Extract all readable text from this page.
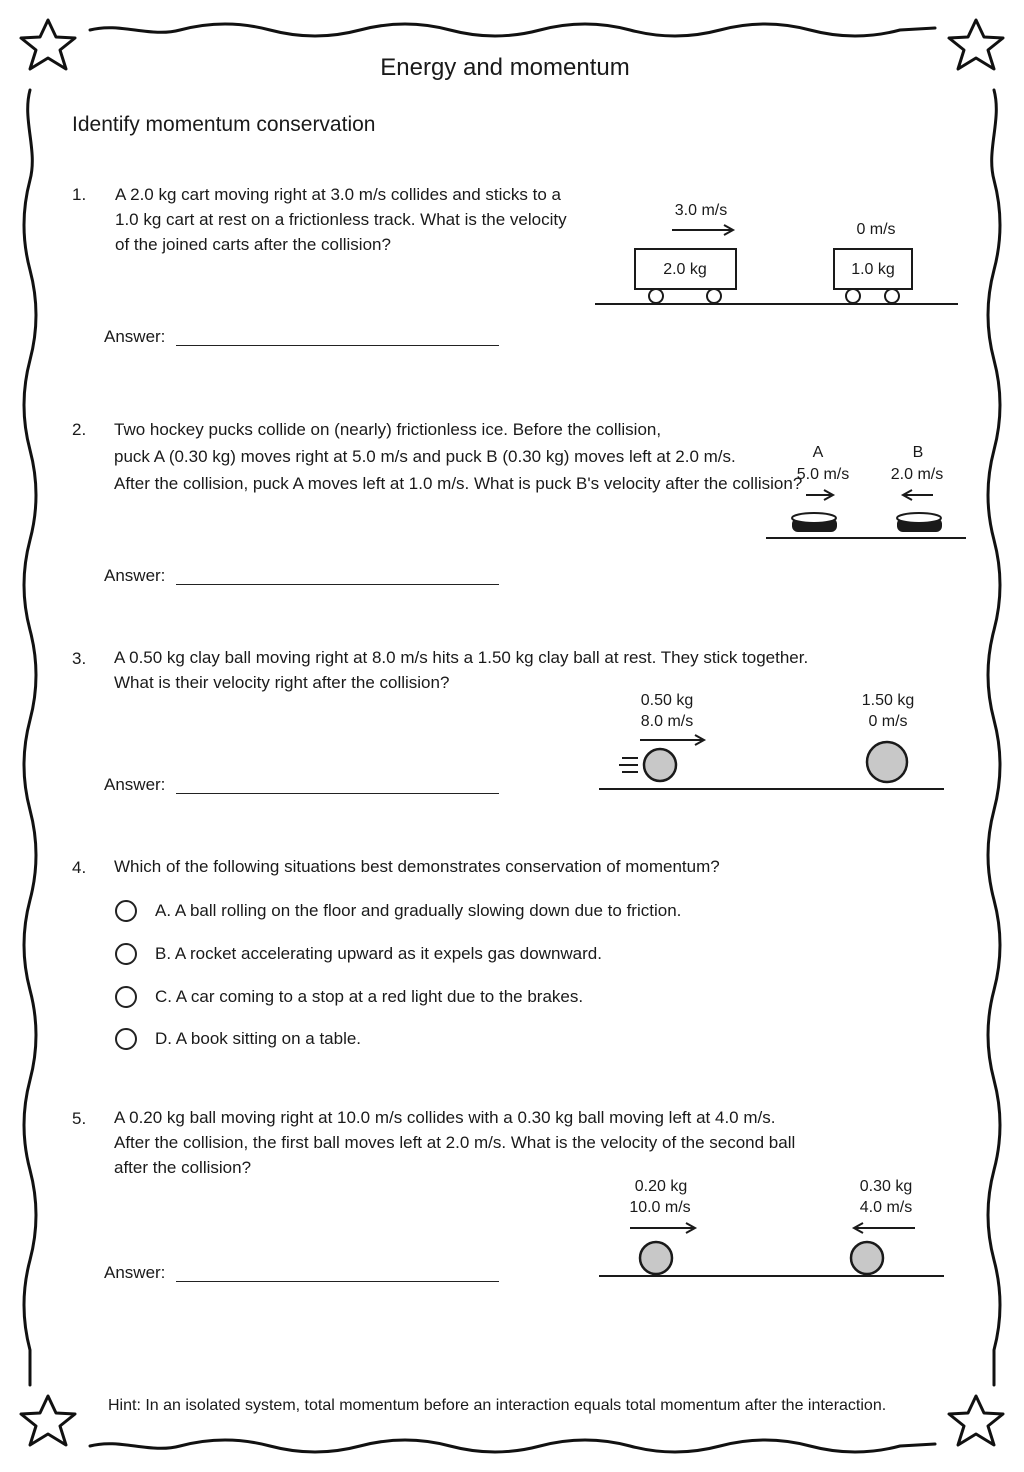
Energy and momentum
Identify momentum conservation
1. A 2.0 kg cart moving right at 3.0 m/s collides and sticks to a
1.0 kg cart at rest on a frictionless track. What is the velocity
of the joined carts after the collision?
Answer:
3.0 m/s
2.0 kg
0 m/s
1.0 kg
2. Two hockey pucks collide on (nearly) frictionless ice. Before the collision,
puck A (0.30 kg) moves right at 5.0 m/s and puck B (0.30 kg) moves left at 2.0 m/s.
After the collision, puck A moves left at 1.0 m/s. What is puck B's velocity after the collision?
Answer:
A
5.0 m/s
B
2.0 m/s
3. A 0.50 kg clay ball moving right at 8.0 m/s hits a 1.50 kg clay ball at rest. They stick together.
What is their velocity right after the collision?
Answer:
0.50 kg
8.0 m/s
1.50 kg
0 m/s
4. Which of the following situations best demonstrates conservation of momentum?
A. A ball rolling on the floor and gradually slowing down due to friction.
B. A rocket accelerating upward as it expels gas downward.
C. A car coming to a stop at a red light due to the brakes.
D. A book sitting on a table.
5. A 0.20 kg ball moving right at 10.0 m/s collides with a 0.30 kg ball moving left at 4.0 m/s.
After the collision, the first ball moves left at 2.0 m/s. What is the velocity of the second ball
after the collision?
Answer:
0.20 kg
10.0 m/s
0.30 kg
4.0 m/s
Hint: In an isolated system, total momentum before an interaction equals total momentum after the interaction.
